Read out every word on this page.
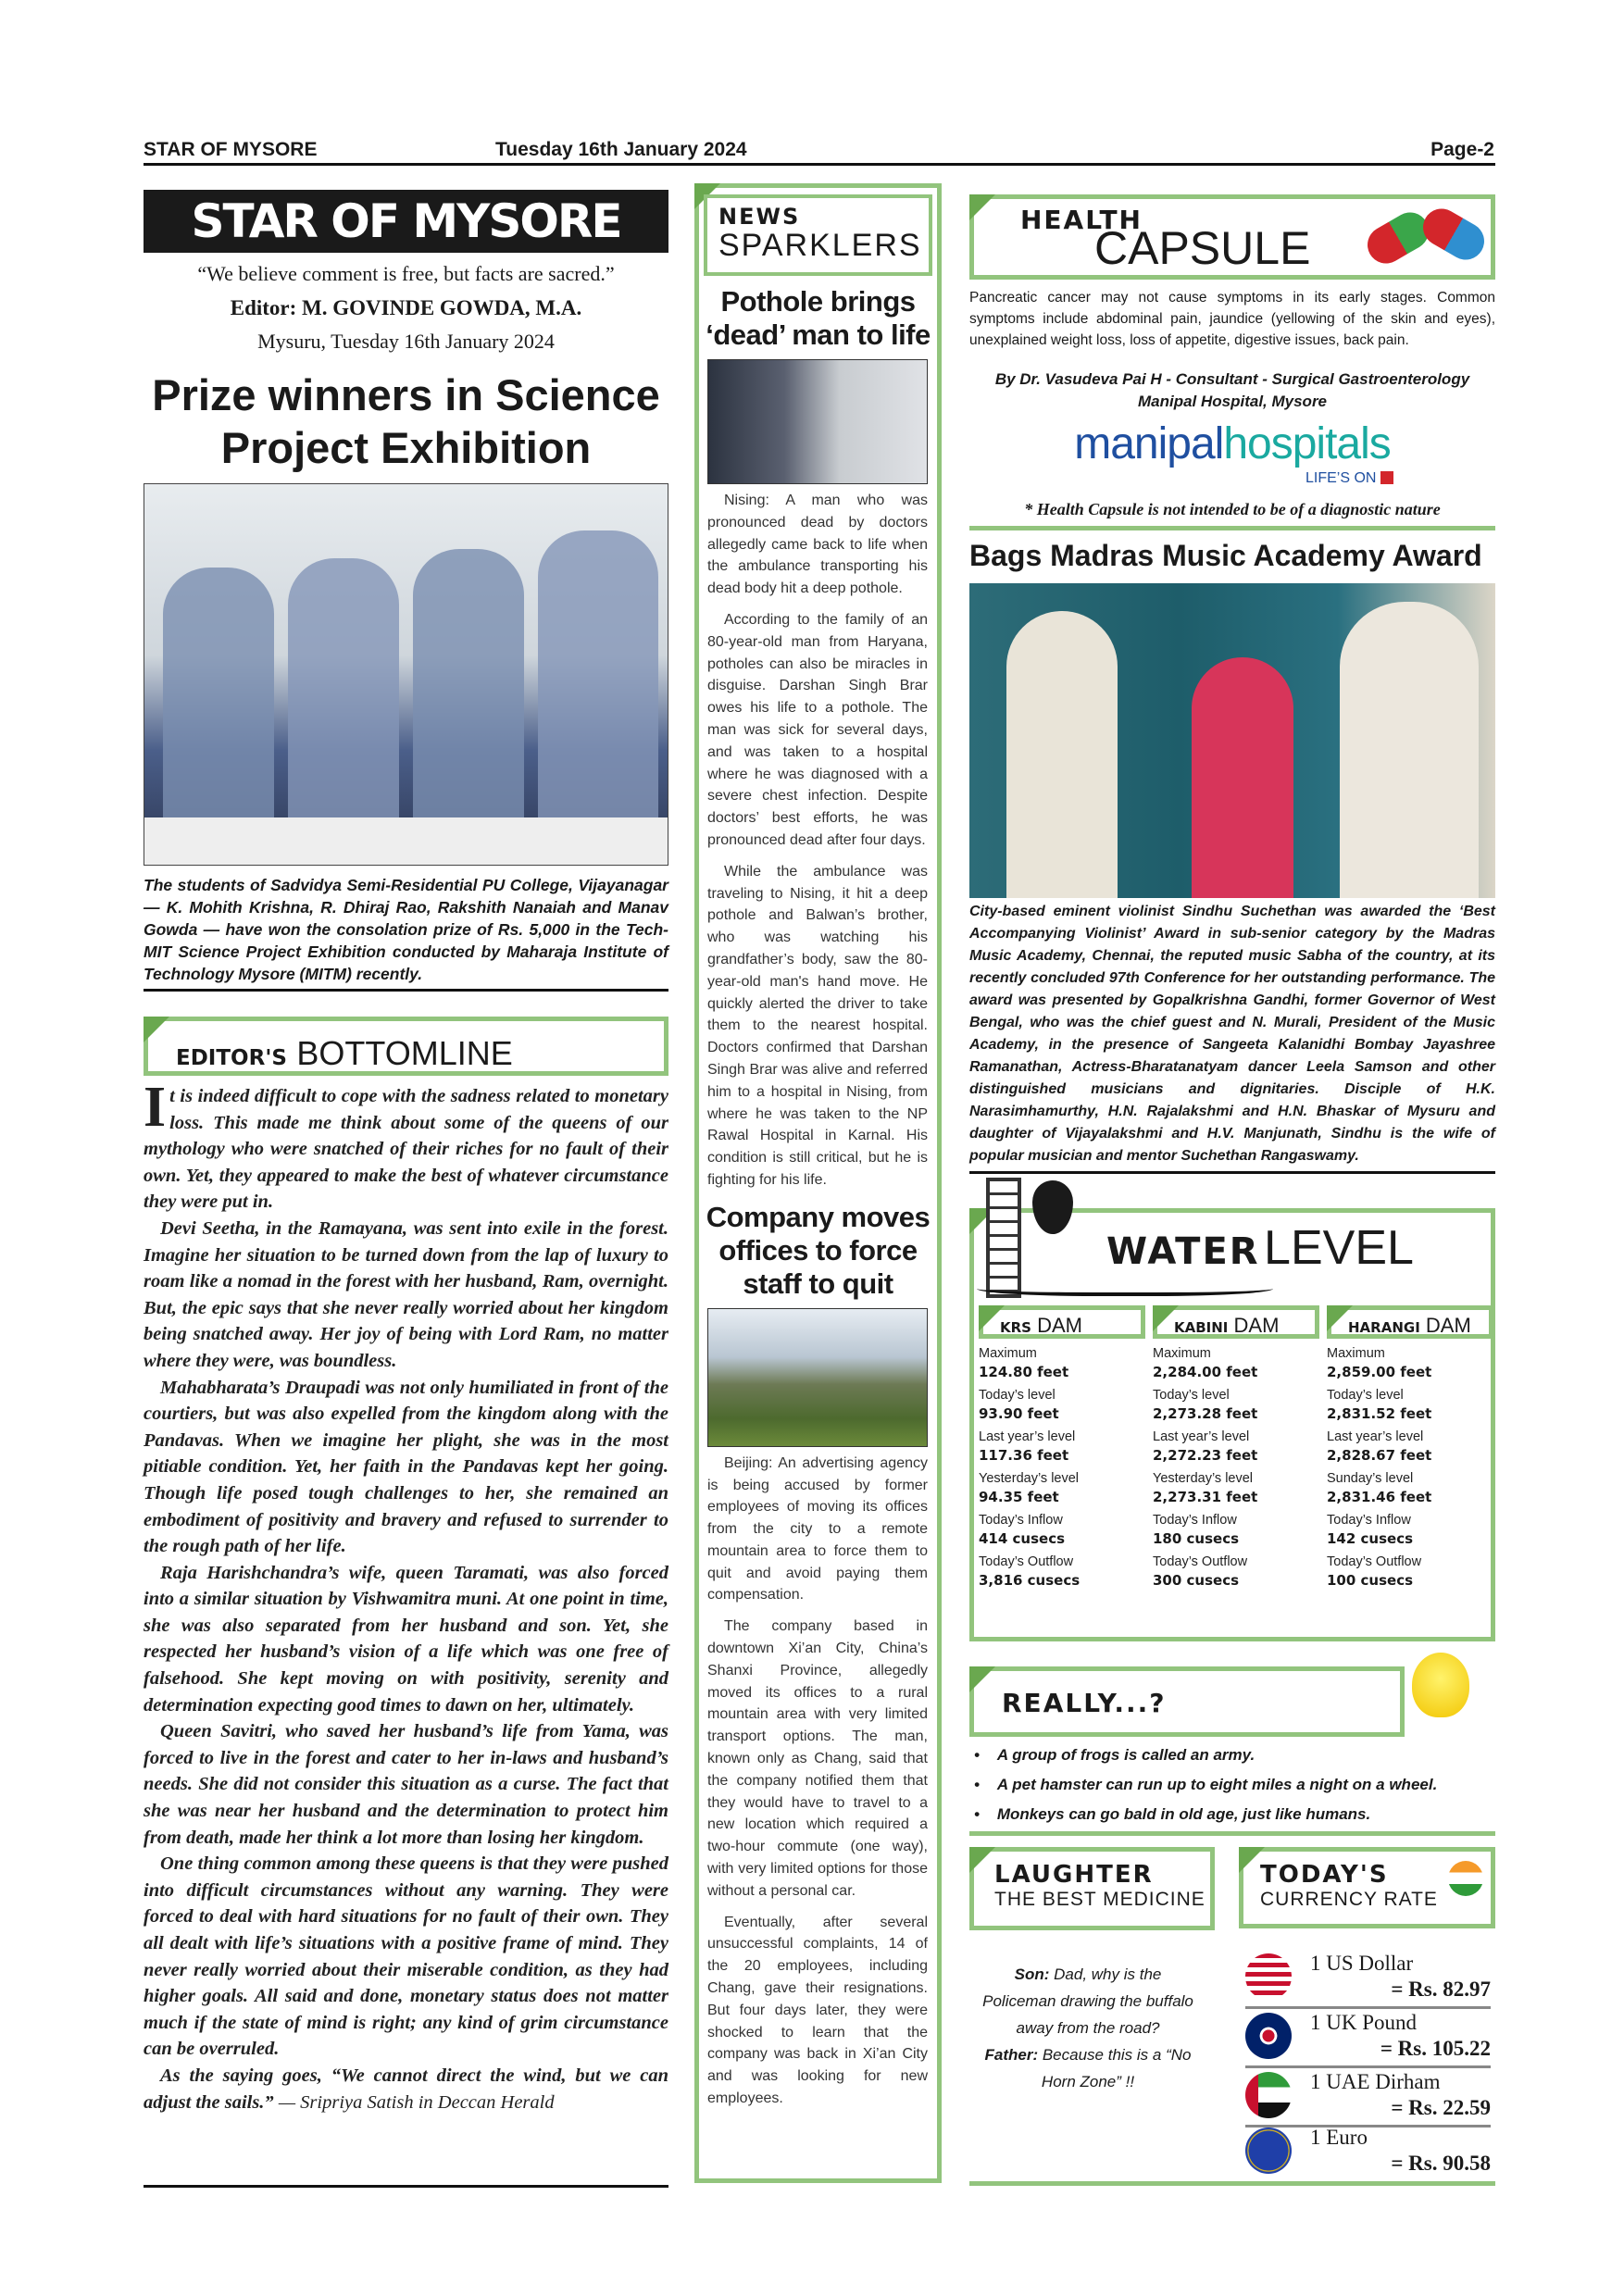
STAR OF MYSORE	Tuesday 16th January 2024	Page-2
STAR OF MYSORE
“We believe comment is free, but facts are sacred.”
Editor: M. GOVINDE GOWDA, M.A.
Mysuru, Tuesday 16th January 2024
Prize winners in Science Project Exhibition
The students of Sadvidya Semi-Residential PU College, Vijayanagar — K. Mohith Krishna, R. Dhiraj Rao, Rakshith Nanaiah and Manav Gowda — have won the consolation prize of Rs. 5,000 in the Tech-MIT Science Project Exhibition conducted by Maharaja Institute of Technology Mysore (MITM) recently.
EDITOR'S BOTTOMLINE

It is indeed difficult to cope with the sadness related to monetary loss. This made me think about some of the queens of our mythology who were snatched of their riches for no fault of their own. Yet, they appeared to make the best of whatever circumstance they were put in.

Devi Seetha, in the Ramayana, was sent into exile in the forest. Imagine her situation to be turned down from the lap of luxury to roam like a nomad in the forest with her husband, Ram, overnight. But, the epic says that she never really worried about her kingdom being snatched away. Her joy of being with Lord Ram, no matter where they were, was boundless.

Mahabharata’s Draupadi was not only humiliated in front of the courtiers, but was also expelled from the kingdom along with the Pandavas. When we imagine her plight, she was in the most pitiable condition. Yet, her faith in the Pandavas kept her going. Though life posed tough challenges to her, she remained an embodiment of positivity and bravery and refused to surrender to the rough path of her life.

Raja Harishchandra’s wife, queen Taramati, was also forced into a similar situation by Vishwamitra muni. At one point in time, she was also separated from her husband and son. Yet, she respected her husband’s vision of a life which was one free of falsehood. She kept moving on with positivity, serenity and determination expecting good times to dawn on her, ultimately.

Queen Savitri, who saved her husband’s life from Yama, was forced to live in the forest and cater to her in-laws and husband’s needs. She did not consider this situation as a curse. The fact that she was near her husband and the determination to protect him from death, made her think a lot more than losing her kingdom.

One thing common among these queens is that they were pushed into difficult circumstances without any warning. They were forced to deal with hard situations for no fault of their own. They all dealt with life’s situations with a positive frame of mind. They never really worried about their miserable condition, as they had higher goals. All said and done, monetary status does not matter much if the state of mind is right; any kind of grim circumstance can be overruled.

As the saying goes, “We cannot direct the wind, but we can adjust the sails.” — Sripriya Satish in Deccan Herald

NEWS
SPARKLERS
Pothole brings ‘dead’ man to life

Nising: A man who was pronounced dead by doctors allegedly came back to life when the ambulance transporting his dead body hit a deep pothole.

According to the family of an 80-year-old man from Haryana, potholes can also be miracles in disguise. Darshan Singh Brar owes his life to a pothole. The man was sick for several days, and was taken to a hospital where he was diagnosed with a severe chest infection. Despite doctors’ best efforts, he was pronounced dead after four days.

While the ambulance was traveling to Nising, it hit a deep pothole and Balwan’s brother, who was watching his grandfather’s body, saw the 80-year-old man's hand move. He quickly alerted the driver to take them to the nearest hospital. Doctors confirmed that Darshan Singh Brar was alive and referred him to a hospital in Nising, from where he was taken to the NP Rawal Hospital in Karnal. His condition is still critical, but he is fighting for his life.

Company moves offices to force staff to quit

Beijing: An advertising agency is being accused by former employees of moving its offices from the city to a remote mountain area to force them to quit and avoid paying them compensation.

The company based in downtown Xi’an City, China’s Shanxi Province, allegedly moved its offices to a rural mountain area with very limited transport options. The man, known only as Chang, said that the company notified them that they would have to travel to a new location which required a two-hour commute (one way), with very limited options for those without a personal car.

Eventually, after several unsuccessful complaints, 14 of the 20 employees, including Chang, gave their resignations. But four days later, they were shocked to learn that the company was back in Xi’an City and was looking for new employees.

HEALTH
CAPSULE
Pancreatic cancer may not cause symptoms in its early stages. Common symptoms include abdominal pain, jaundice (yellowing of the skin and eyes), unexplained weight loss, loss of appetite, digestive issues, back pain.
By Dr. Vasudeva Pai H - Consultant - Surgical Gastroenterology
Manipal Hospital, Mysore
manipalhospitals
LIFE’S ON
* Health Capsule is not intended to be of a diagnostic nature
Bags Madras Music Academy Award
City-based eminent violinist Sindhu Suchethan was awarded the ‘Best Accompanying Violinist’ Award in sub-senior category by the Madras Music Academy, Chennai, the reputed music Sabha of the country, at its recently concluded 97th Conference for her outstanding performance. The award was presented by Gopalkrishna Gandhi, former Governor of West Bengal, who was the chief guest and N. Murali, President of the Music Academy, in the presence of Sangeeta Kalanidhi Bombay Jayashree Ramanathan, Actress-Bharatanatyam dancer Leela Samson and other distinguished musicians and dignitaries. Disciple of H.K. Narasimhamurthy, H.N. Rajalakshmi and H.N. Bhaskar of Mysuru and daughter of Vijayalakshmi and H.V. Manjunath, Sindhu is the wife of popular musician and mentor Suchethan Rangaswamy.
WATER LEVEL
KRS DAM
Maximum
124.80 feet
Today’s level
93.90 feet
Last year’s level
117.36 feet
Yesterday’s level
94.35 feet
Today’s Inflow
414 cusecs
Today’s Outflow
3,816 cusecs
KABINI DAM
Maximum
2,284.00 feet
Today’s level
2,273.28 feet
Last year’s level
2,272.23 feet
Yesterday’s level
2,273.31 feet
Today’s Inflow
180 cusecs
Today’s Outflow
300 cusecs
HARANGI DAM
Maximum
2,859.00 feet
Today’s level
2,831.52 feet
Last year’s level
2,828.67 feet
Sunday’s level
2,831.46 feet
Today’s Inflow
142 cusecs
Today’s Outflow
100 cusecs
REALLY...?
•    A group of frogs is called an army.
•    A pet hamster can run up to eight miles a night on a wheel.
•    Monkeys can go bald in old age, just like humans.
LAUGHTER
THE BEST MEDICINE
Son: Dad, why is the Policeman drawing the buffalo away from the road?
Father: Because this is a “No Horn Zone” !!
TODAY'S
CURRENCY RATE
1 US Dollar
= Rs. 82.97
1 UK Pound
= Rs. 105.22
1 UAE Dirham
= Rs. 22.59
1 Euro
= Rs. 90.58
